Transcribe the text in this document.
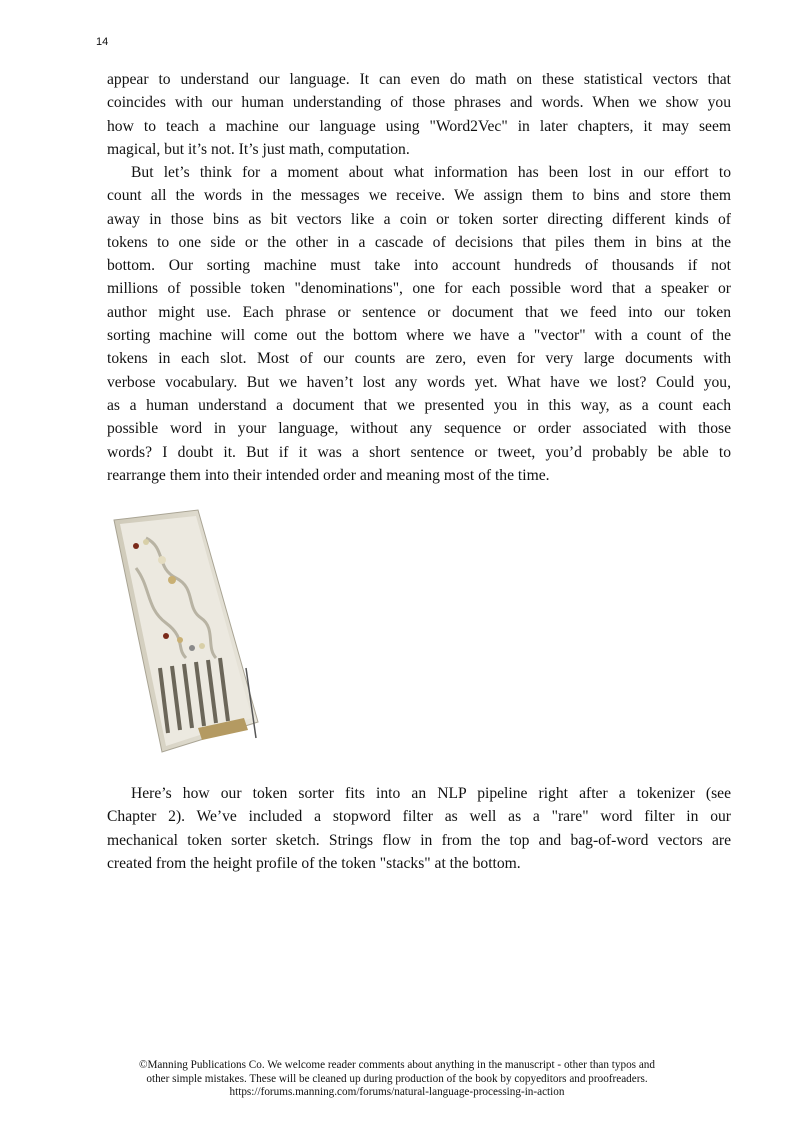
14
appear to understand our language. It can even do math on these statistical vectors that
coincides with our human understanding of those phrases and words. When we show you
how to teach a machine our language using "Word2Vec" in later chapters, it may seem
magical, but it’s not. It’s just math, computation.
But let’s think for a moment about what information has been lost in our effort to
count all the words in the messages we receive. We assign them to bins and store them
away in those bins as bit vectors like a coin or token sorter directing different kinds of
tokens to one side or the other in a cascade of decisions that piles them in bins at the
bottom. Our sorting machine must take into account hundreds of thousands if not
millions of possible token "denominations", one for each possible word that a speaker or
author might use. Each phrase or sentence or document that we feed into our token
sorting machine will come out the bottom where we have a "vector" with a count of the
tokens in each slot. Most of our counts are zero, even for very large documents with
verbose vocabulary. But we haven’t lost any words yet. What have we lost? Could you,
as a human understand a document that we presented you in this way, as a count each
possible word in your language, without any sequence or order associated with those
words? I doubt it. But if it was a short sentence or tweet, you’d probably be able to
rearrange them into their intended order and meaning most of the time.
Here’s how our token sorter fits into an NLP pipeline right after a tokenizer (see
Chapter 2). We’ve included a stopword filter as well as a "rare" word filter in our
mechanical token sorter sketch. Strings flow in from the top and bag-of-word vectors are
created from the height profile of the token "stacks" at the bottom.
©Manning Publications Co. We welcome reader comments about anything in the manuscript - other than typos and
other simple mistakes. These will be cleaned up during production of the book by copyeditors and proofreaders.
https://forums.manning.com/forums/natural-language-processing-in-action
